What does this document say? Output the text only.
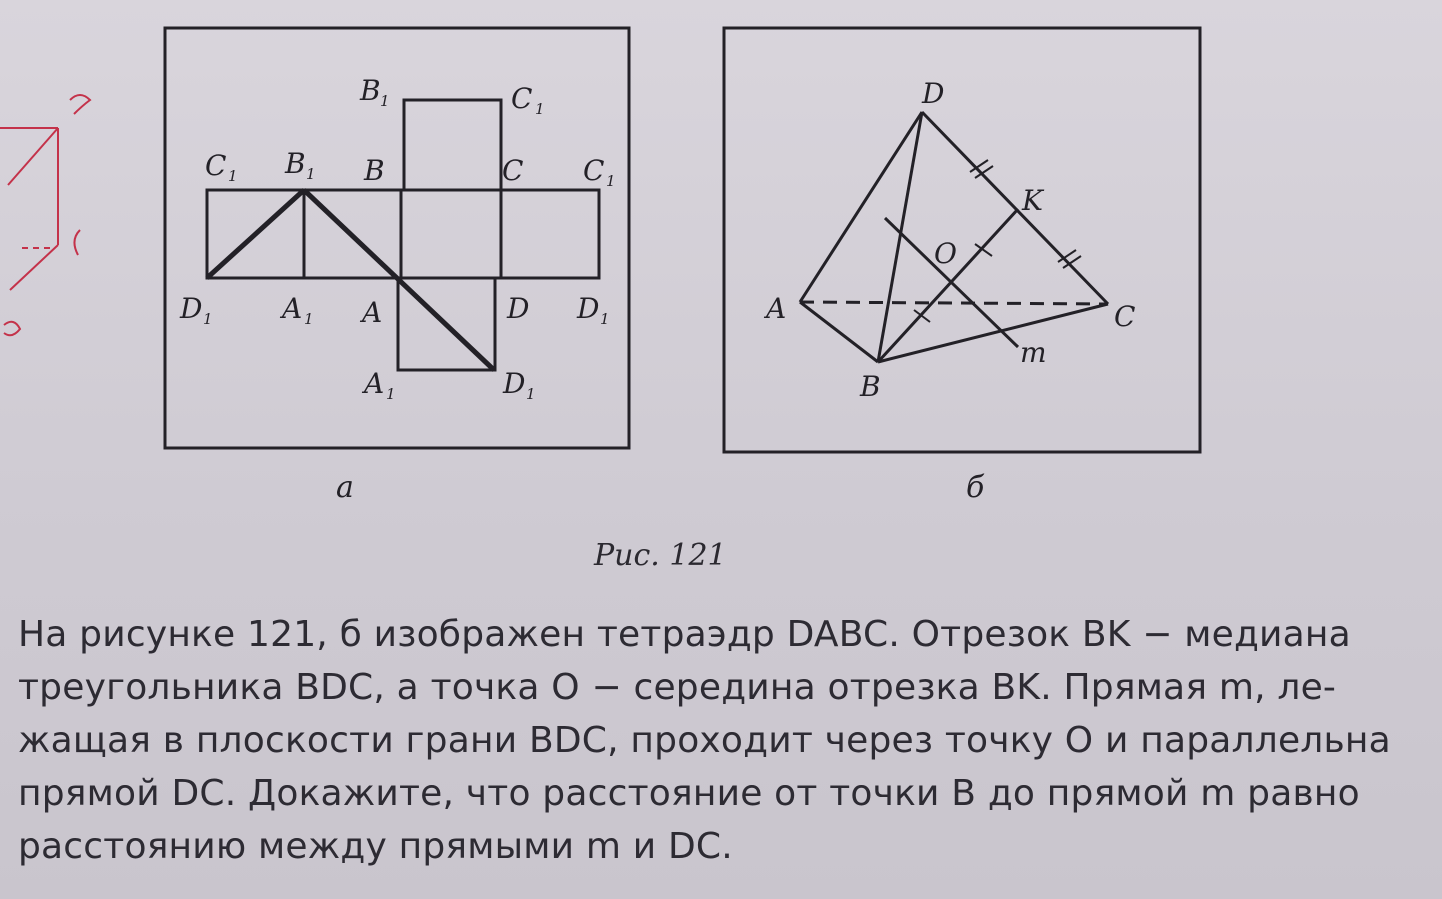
B 1	C 1
C 1 B 1 B	C C 1
D 1 A 1 A	D D 1
A 1	D 1
а
D
K
O
A	C
B
m
б
Рис. 121

На рисунке 121, б изображен тетраэдр DABC. Отрезок BK − медиана
треугольника BDC, а точка O − середина отрезка BK. Прямая m, ле-
жащая в плоскости грани BDC, проходит через точку O и параллельна
прямой DC. Докажите, что расстояние от точки B до прямой m равно
расстоянию между прямыми m и DC.
